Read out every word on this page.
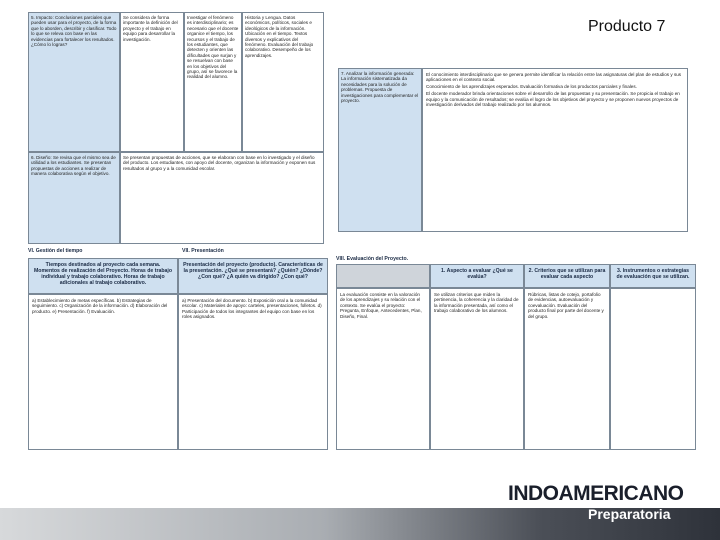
Producto 7

5. Impacto: Conclusiones parciales que pueden usar para el proyecto, de la forma que lo aborden, describir y clasificar. Todo lo que se releva con base en las evidencias para fortalecer los resultados. ¿Cómo lo logras?

Se considera de forma importante la definición del proyecto y el trabajo en equipo para desarrollar la investigación.

Investigar el fenómeno es interdisciplinario; es necesario que el docente organice el tiempo, los recursos y el trabajo de los estudiantes, que detecten y orienten las dificultades que surjan y se resuelvan con base en los objetivos del grupo, así se favorece la realidad del alumno.

Historia y Lengua. Datos económicos, políticos, sociales e ideológicos de la información. Ubicación en el tiempo. Textos diversos y explicativos del fenómeno. Evaluación del trabajo colaborativo. Desempeño de los aprendizajes.

6. Diseño: Se revisa que el mismo sea de utilidad a los estudiantes. Se presentan propuestas de acciones a realizar de manera colaborativa según el objetivo.

Se presentan propuestas de acciones, que se elaboran con base en lo investigado y el diseño del producto. Los estudiantes, con apoyo del docente, organizan la información y exponen sus resultados al grupo y a la comunidad escolar.

7. Analizar la información generada: La información sistematizada da necesidades para la solución de problemas. Propuesta de investigaciones para complementar el proyecto.

El conocimiento interdisciplinario que se genera permite identificar la relación entre las asignaturas del plan de estudios y sus aplicaciones en el contexto social.

Conocimiento de los aprendizajes esperados. Evaluación formativa de los productos parciales y finales.

El docente moderador brinda orientaciones sobre el desarrollo de las propuestas y su presentación. Se propicia el trabajo en equipo y la comunicación de resultados; se evalúa el logro de los objetivos del proyecto y se proponen nuevos proyectos de investigación derivados del trabajo realizado por los alumnos.

VI. Gestión del tiempo	VII. Presentación
VIII. Evaluación del Proyecto.
Tiempos destinados al proyecto cada semana. Momentos de realización del Proyecto. Horas de trabajo individual y trabajo colaborativo. Horas de trabajo adicionales al trabajo colaborativo.
Presentación del proyecto (producto). Características de la presentación. ¿Qué se presentará? ¿Quién? ¿Dónde? ¿Con qué? ¿A quién va dirigido? ¿Con qué?

a) Establecimiento de metas específicas. b) Estrategias de seguimiento. c) Organización de la información. d) Elaboración del producto. e) Presentación. f) Evaluación.

a) Presentación del documento. b) Exposición oral a la comunidad escolar. c) Materiales de apoyo: carteles, presentaciones, folletos. d) Participación de todos los integrantes del equipo con base en los roles asignados.

1. Aspecto a evaluar ¿Qué se evalúa?
2. Criterios que se utilizan para evaluar cada aspecto
3. Instrumentos o estrategias de evaluación que se utilizan.

La evaluación consiste en la valoración de los aprendizajes y su relación con el contexto. Se evalúa el proyecto: Pregunta, Enfoque, Antecedentes, Plan, Diseño, Final.

Se utilizan criterios que miden la pertinencia, la coherencia y la claridad de la información presentada, así como el trabajo colaborativo de los alumnos.

Rúbricas, listas de cotejo, portafolio de evidencias, autoevaluación y coevaluación. Evaluación del producto final por parte del docente y del grupo.

INDOAMERICANO
Preparatoria
